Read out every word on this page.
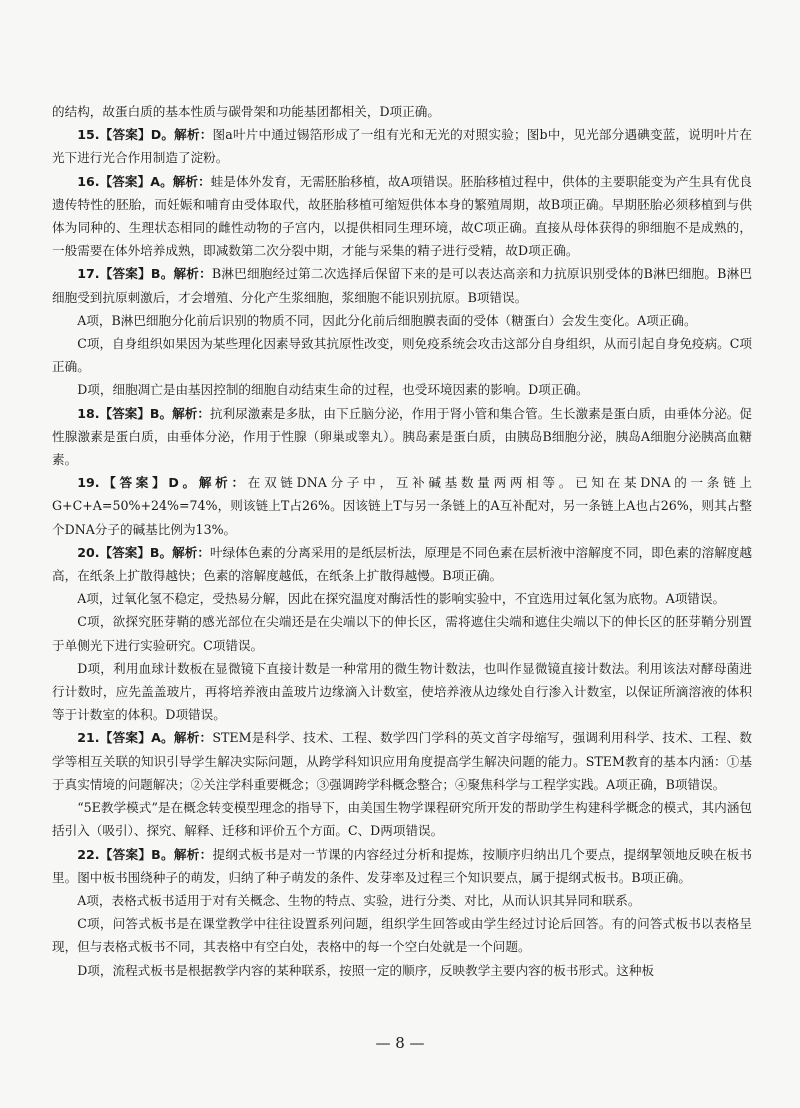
的结构，故蛋白质的基本性质与碳骨架和功能基团都相关，D项正确。

15.【答案】D。解析：图a叶片中通过锡箔形成了一组有光和无光的对照实验；图b中，见光部分遇碘变蓝，说明叶片在光下进行光合作用制造了淀粉。

16.【答案】A。解析：蛙是体外发育，无需胚胎移植，故A项错误。胚胎移植过程中，供体的主要职能变为产生具有优良遗传特性的胚胎，而妊娠和哺育由受体取代，故胚胎移植可缩短供体本身的繁殖周期，故B项正确。早期胚胎必须移植到与供体为同种的、生理状态相同的雌性动物的子宫内，以提供相同生理环境，故C项正确。直接从母体获得的卵细胞不是成熟的，一般需要在体外培养成熟，即减数第二次分裂中期，才能与采集的精子进行受精，故D项正确。

17.【答案】B。解析：B淋巴细胞经过第二次选择后保留下来的是可以表达高亲和力抗原识别受体的B淋巴细胞。B淋巴细胞受到抗原刺激后，才会增殖、分化产生浆细胞，浆细胞不能识别抗原。B项错误。

A项，B淋巴细胞分化前后识别的物质不同，因此分化前后细胞膜表面的受体（糖蛋白）会发生变化。A项正确。

C项，自身组织如果因为某些理化因素导致其抗原性改变，则免疫系统会攻击这部分自身组织，从而引起自身免疫病。C项正确。

D项，细胞凋亡是由基因控制的细胞自动结束生命的过程，也受环境因素的影响。D项正确。

18.【答案】B。解析：抗利尿激素是多肽，由下丘脑分泌，作用于肾小管和集合管。生长激素是蛋白质，由垂体分泌。促性腺激素是蛋白质，由垂体分泌，作用于性腺（卵巢或睾丸）。胰岛素是蛋白质，由胰岛B细胞分泌，胰岛A细胞分泌胰高血糖素。

19.【答案】D。解析：在双链DNA分子中，互补碱基数量两两相等。已知在某DNA的一条链上G+C+A=50%+24%=74%，则该链上T占26%。因该链上T与另一条链上的A互补配对，另一条链上A也占26%，则其占整个DNA分子的碱基比例为13%。

20.【答案】B。解析：叶绿体色素的分离采用的是纸层析法，原理是不同色素在层析液中溶解度不同，即色素的溶解度越高，在纸条上扩散得越快；色素的溶解度越低，在纸条上扩散得越慢。B项正确。

A项，过氧化氢不稳定，受热易分解，因此在探究温度对酶活性的影响实验中，不宜选用过氧化氢为底物。A项错误。

C项，欲探究胚芽鞘的感光部位在尖端还是在尖端以下的伸长区，需将遮住尖端和遮住尖端以下的伸长区的胚芽鞘分别置于单侧光下进行实验研究。C项错误。

D项，利用血球计数板在显微镜下直接计数是一种常用的微生物计数法，也叫作显微镜直接计数法。利用该法对酵母菌进行计数时，应先盖盖玻片，再将培养液由盖玻片边缘滴入计数室，使培养液从边缘处自行渗入计数室，以保证所滴溶液的体积等于计数室的体积。D项错误。

21.【答案】A。解析：STEM是科学、技术、工程、数学四门学科的英文首字母缩写，强调利用科学、技术、工程、数学等相互关联的知识引导学生解决实际问题，从跨学科知识应用角度提高学生解决问题的能力。STEM教育的基本内涵：①基于真实情境的问题解决；②关注学科重要概念；③强调跨学科概念整合；④聚焦科学与工程学实践。A项正确，B项错误。

“5E教学模式”是在概念转变模型理念的指导下，由美国生物学课程研究所开发的帮助学生构建科学概念的模式，其内涵包括引入（吸引）、探究、解释、迁移和评价五个方面。C、D两项错误。

22.【答案】B。解析：提纲式板书是对一节课的内容经过分析和提炼，按顺序归纳出几个要点，提纲挈领地反映在板书里。图中板书围绕种子的萌发，归纳了种子萌发的条件、发芽率及过程三个知识要点，属于提纲式板书。B项正确。

A项，表格式板书适用于对有关概念、生物的特点、实验，进行分类、对比，从而认识其异同和联系。

C项，问答式板书是在课堂教学中往往设置系列问题，组织学生回答或由学生经过讨论后回答。有的问答式板书以表格呈现，但与表格式板书不同，其表格中有空白处，表格中的每一个空白处就是一个问题。

D项，流程式板书是根据教学内容的某种联系，按照一定的顺序，反映教学主要内容的板书形式。这种板

— 8 —
